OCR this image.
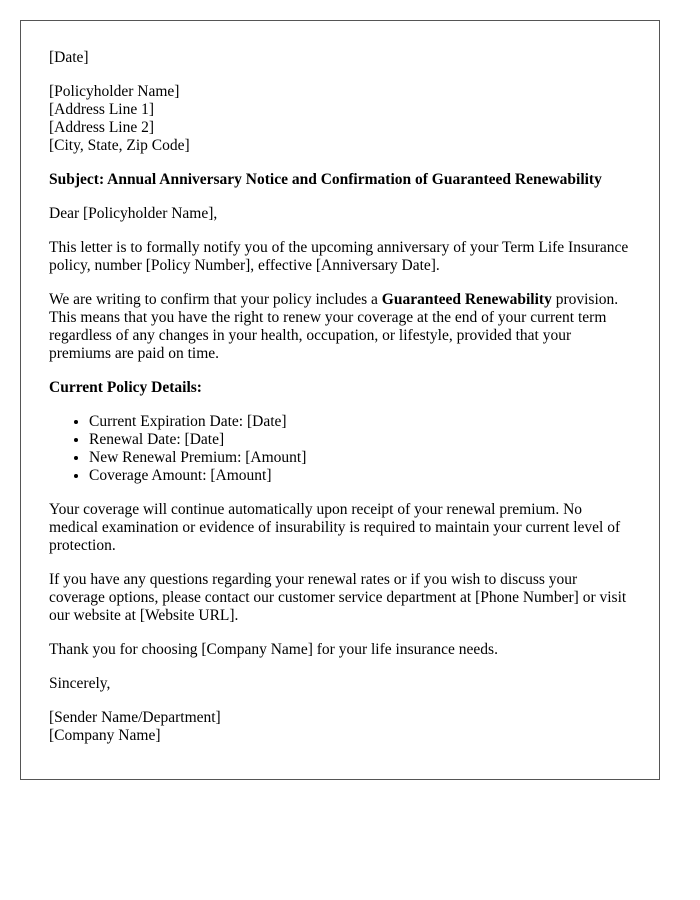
[Date]

[Policyholder Name]

[Address Line 1]

[Address Line 2]

[City, State, Zip Code]

Subject: Annual Anniversary Notice and Confirmation of Guaranteed Renewability

Dear [Policyholder Name],

This letter is to formally notify you of the upcoming anniversary of your Term Life Insurance policy, number [Policy Number], effective [Anniversary Date].

We are writing to confirm that your policy includes a Guaranteed Renewability provision. This means that you have the right to renew your coverage at the end of your current term regardless of any changes in your health, occupation, or lifestyle, provided that your premiums are paid on time.

Current Policy Details:

• Current Expiration Date: [Date]
• Renewal Date: [Date]
• New Renewal Premium: [Amount]
• Coverage Amount: [Amount]

Your coverage will continue automatically upon receipt of your renewal premium. No medical examination or evidence of insurability is required to maintain your current level of protection.

If you have any questions regarding your renewal rates or if you wish to discuss your coverage options, please contact our customer service department at [Phone Number] or visit our website at [Website URL].

Thank you for choosing [Company Name] for your life insurance needs.

Sincerely,

[Sender Name/Department]

[Company Name]
